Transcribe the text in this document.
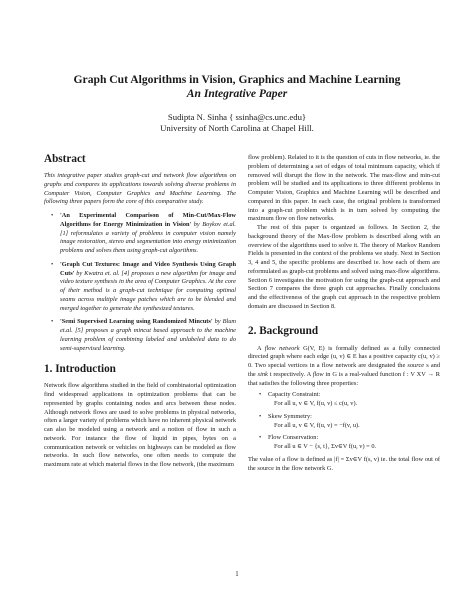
Graph Cut Algorithms in Vision, Graphics and Machine Learning
An Integrative Paper
Sudipta N. Sinha { ssinha@cs.unc.edu}
University of North Carolina at Chapel Hill.
Abstract

This integrative paper studies graph-cut and network flow algorithms on graphs and compares its applications towards solving diverse problems in Computer Vision, Computer Graphics and Machine Learning. The following three papers form the core of this comparative study.

• 'An Experimental Comparison of Min-Cut/Max-Flow Algorithms for Energy Minimization in Vision' by Boykov et.al.[1] reformulates a variety of problems in computer vision namely image restoration, stereo and segmentation into energy minimization problems and solves them using graph-cut algorithms.
• 'Graph Cut Textures: Image and Video Synthesis Using Graph Cuts' by Kwatra et. al. [4] proposes a new algorithm for image and video texture synthesis in the area of Computer Graphics. At the core of their method is a graph-cut technique for computing optimal seams across multiple image patches which are to be blended and merged together to generate the synthesized textures.
• 'Semi Supervised Learning using Randomized Mincuts' by Blum et.al. [5] proposes a graph mincut based approach to the machine learning problem of combining labeled and unlabeled data to do semi-supervised learning.
1. Introduction

Network flow algorithms studied in the field of combinatorial optimization find widespread applications in optimization problems that can be represented by graphs containing nodes and arcs between these nodes. Although network flows are used to solve problems in physical networks, often a larger variety of problems which have no inherent physical network can also be modeled using a network and a notion of flow in such a network. For instance the flow of liquid in pipes, bytes on a communication network or vehicles on highways can be modeled as flow networks. In such flow networks, one often needs to compute the maximum rate at which material flows in the flow network, (the maximum

flow problem). Related to it is the question of cuts in flow networks, ie. the problem of determining a set of edges of total minimum capacity, which if removed will disrupt the flow in the network. The max-flow and min-cut problem will be studied and its applications to three different problems in Computer Vision, Graphics and Machine Learning will be described and compared in this paper. In each case, the original problem is transformed into a graph-cut problem which is in turn solved by computing the maximum flow on flow networks.

The rest of this paper is organized as follows. In Section 2, the background theory of the Max-flow problem is described along with an overview of the algorithms used to solve it. The theory of Markov Random Fields is presented in the context of the problems we study. Next in Section 3, 4 and 5, the specific problems are described ie. how each of them are reformulated as graph-cut problems and solved using max-flow algorithms. Section 6 investigates the motivation for using the graph-cut approach and Section 7 compares the three graph cut approaches. Finally conclusions and the effectiveness of the graph cut approach in the respective problem domain are discussed in Section 8.

2. Background

A flow network G(V, E) is formally defined as a fully connected directed graph where each edge (u, v) ∈ E has a positive capacity c(u, v) ≥ 0. Two special vertices in a flow network are designated the source s and the sink t respectively. A flow in G is a real-valued function f : V XV → R that satisfies the following three properties:

• Capacity Constraint:
For all u, v ∈ V, f(u, v) ≤ c(u, v).
• Skew Symmetry:
For all u, v ∈ V, f(u, v) = −f(v, u).
• Flow Conservation:
For all u ∈ V − {s, t}, Σv∈V f(u, v) = 0.

The value of a flow is defined as |f| = Σv∈V f(s, v) ie. the total flow out of the source in the flow network G.

1
